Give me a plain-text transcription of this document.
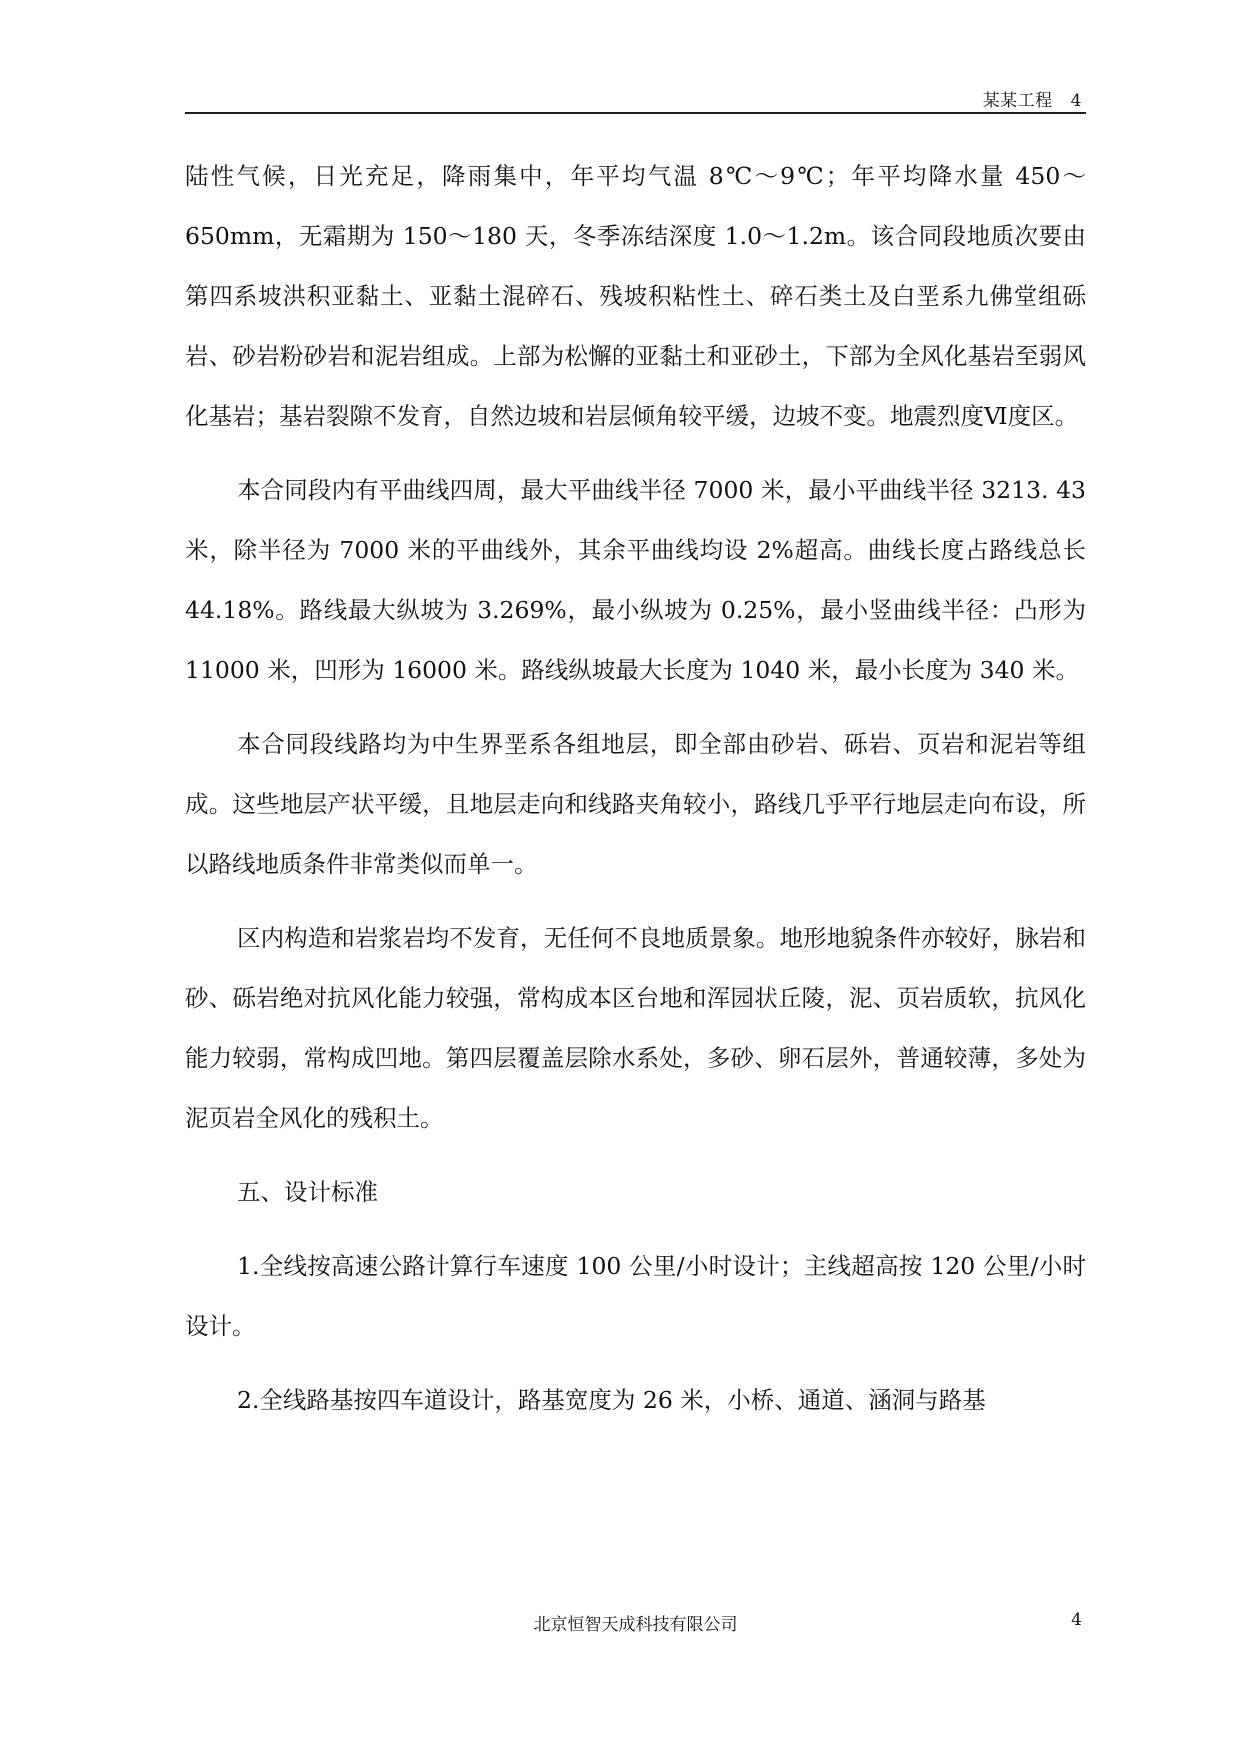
某某工程 4

陆性气候，日光充足，降雨集中，年平均气温 8℃～9℃；年平均降水量 450～650mm，无霜期为 150～180 天，冬季冻结深度 1.0～1.2m。该合同段地质次要由第四系坡洪积亚黏土、亚黏土混碎石、残坡积粘性土、碎石类土及白垩系九佛堂组砾岩、砂岩粉砂岩和泥岩组成。上部为松懈的亚黏土和亚砂土，下部为全风化基岩至弱风化基岩；基岩裂隙不发育，自然边坡和岩层倾角较平缓，边坡不变。地震烈度Ⅵ度区。

本合同段内有平曲线四周，最大平曲线半径 7000 米，最小平曲线半径 3213. 43 米，除半径为 7000 米的平曲线外，其余平曲线均设 2%超高。曲线长度占路线总长 44.18%。路线最大纵坡为 3.269%，最小纵坡为 0.25%，最小竖曲线半径：凸形为 11000 米，凹形为 16000 米。路线纵坡最大长度为 1040 米，最小长度为 340 米。

本合同段线路均为中生界垩系各组地层，即全部由砂岩、砾岩、页岩和泥岩等组成。这些地层产状平缓，且地层走向和线路夹角较小，路线几乎平行地层走向布设，所以路线地质条件非常类似而单一。

区内构造和岩浆岩均不发育，无任何不良地质景象。地形地貌条件亦较好，脉岩和砂、砾岩绝对抗风化能力较强，常构成本区台地和浑园状丘陵，泥、页岩质软，抗风化能力较弱，常构成凹地。第四层覆盖层除水系处，多砂、卵石层外，普通较薄，多处为泥页岩全风化的残积土。

五、设计标准

1.全线按高速公路计算行车速度 100 公里/小时设计；主线超高按 120 公里/小时设计。

2.全线路基按四车道设计，路基宽度为 26 米，小桥、通道、涵洞与路基

北京恒智天成科技有限公司	4
